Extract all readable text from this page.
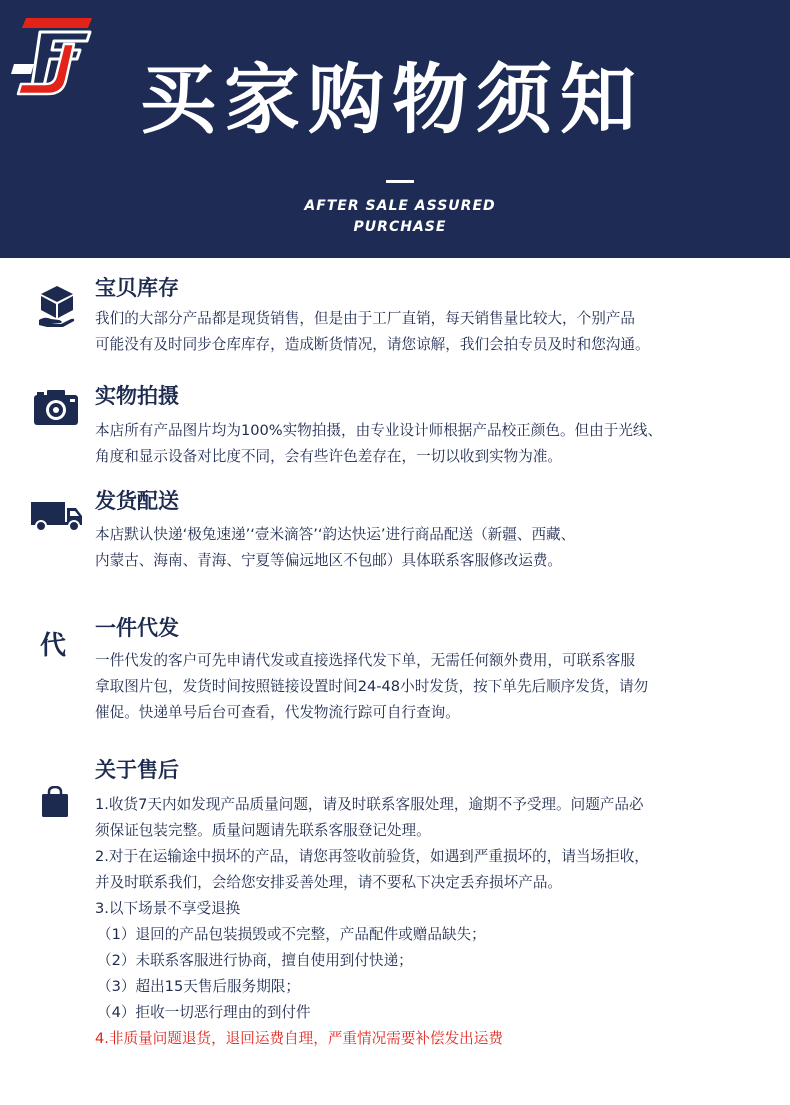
买家购物须知
AFTER SALE ASSURED
PURCHASE
宝贝库存

我们的大部分产品都是现货销售，但是由于工厂直销，每天销售量比较大，个别产品

可能没有及时同步仓库库存，造成断货情况，请您谅解，我们会拍专员及时和您沟通。

实物拍摄

本店所有产品图片均为100%实物拍摄，由专业设计师根据产品校正颜色。但由于光线、

角度和显示设备对比度不同，会有些许色差存在，一切以收到实物为准。

发货配送

本店默认快递‘极兔速递’‘壹米滴答’‘韵达快运’进行商品配送（新疆、西藏、

内蒙古、海南、青海、宁夏等偏远地区不包邮）具体联系客服修改运费。

代
一件代发

一件代发的客户可先申请代发或直接选择代发下单，无需任何额外费用，可联系客服

拿取图片包，发货时间按照链接设置时间24-48小时发货，按下单先后顺序发货，请勿

催促。快递单号后台可查看，代发物流行踪可自行查询。

关于售后

1.收货7天内如发现产品质量问题，请及时联系客服处理，逾期不予受理。问题产品必

须保证包装完整。质量问题请先联系客服登记处理。

2.对于在运输途中损坏的产品，请您再签收前验货，如遇到严重损坏的，请当场拒收，

并及时联系我们，会给您安排妥善处理，请不要私下决定丢弃损坏产品。

3.以下场景不享受退换

（1）退回的产品包装损毁或不完整，产品配件或赠品缺失；

（2）未联系客服进行协商，擅自使用到付快递；

（3）超出15天售后服务期限；

（4）拒收一切恶行理由的到付件

4.非质量问题退货，退回运费自理，严重情况需要补偿发出运费
